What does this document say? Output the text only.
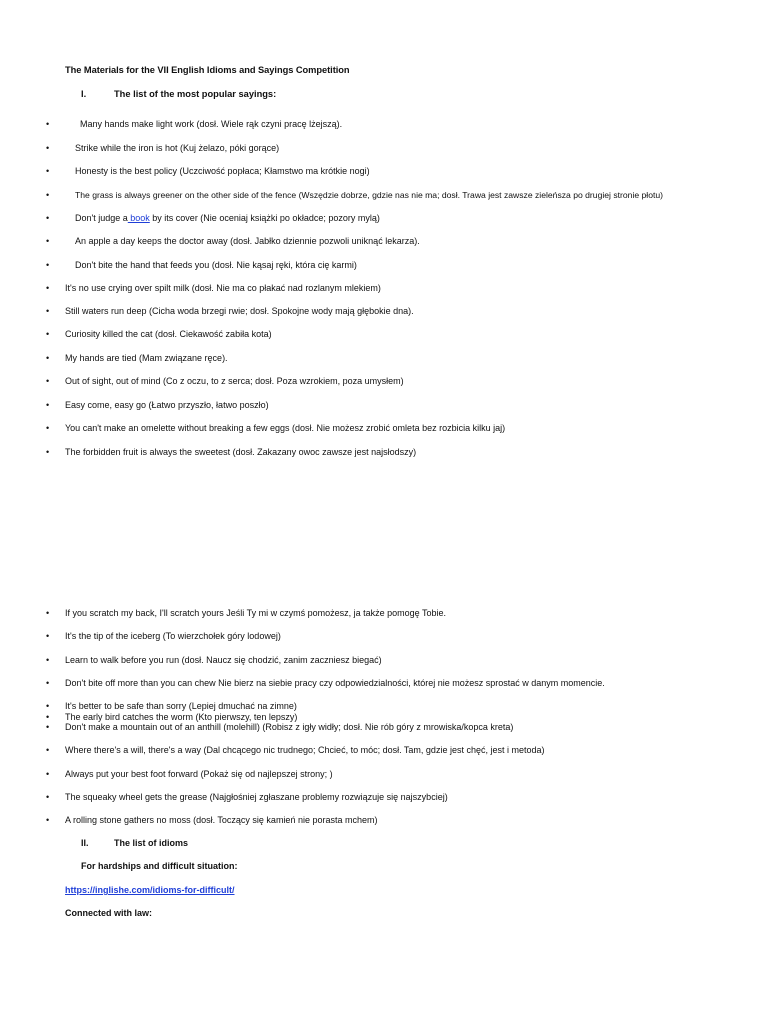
The Materials for the VII English Idioms and Sayings Competition
I.	The list of the most popular sayings:
•	Many hands make light work (dosł. Wiele rąk czyni pracę lżejszą).
•	Strike while the iron is hot (Kuj żelazo, póki gorące)
•	Honesty is the best policy (Uczciwość popłaca; Kłamstwo ma krótkie nogi)
•	The grass is always greener on the other side of the fence (Wszędzie dobrze, gdzie nas nie ma; dosł. Trawa jest zawsze zieleńsza po drugiej stronie płotu)
•	Don't judge a book by its cover (Nie oceniaj książki po okładce; pozory mylą)
•	An apple a day keeps the doctor away (dosł. Jabłko dziennie pozwoli uniknąć lekarza).
•	Don't bite the hand that feeds you (dosł. Nie kąsaj ręki, która cię karmi)
• It's no use crying over spilt milk (dosł. Nie ma co płakać nad rozlanym mlekiem)
• Still waters run deep (Cicha woda brzegi rwie; dosł. Spokojne wody mają głębokie dna).
• Curiosity killed the cat (dosł. Ciekawość zabiła kota)
• My hands are tied (Mam związane ręce).
• Out of sight, out of mind (Co z oczu, to z serca; dosł. Poza wzrokiem, poza umysłem)
• Easy come, easy go (Łatwo przyszło, łatwo poszło)
• You can't make an omelette without breaking a few eggs (dosł. Nie możesz zrobić omleta bez rozbicia kilku jaj)
• The forbidden fruit is always the sweetest (dosł. Zakazany owoc zawsze jest najsłodszy)
• If you scratch my back, I'll scratch yours Jeśli Ty mi w czymś pomożesz, ja także pomogę Tobie.
• It's the tip of the iceberg (To wierzchołek góry lodowej)
• Learn to walk before you run (dosł. Naucz się chodzić, zanim zaczniesz biegać)
• Don't bite off more than you can chew Nie bierz na siebie pracy czy odpowiedzialności, której nie możesz sprostać w danym momencie.
• It's better to be safe than sorry (Lepiej dmuchać na zimne)
• The early bird catches the worm (Kto pierwszy, ten lepszy)
• Don't make a mountain out of an anthill (molehill) (Robisz z igły widły; dosł. Nie rób góry z mrowiska/kopca kreta)
• Where there's a will, there's a way (Dal chcącego nic trudnego; Chcieć, to móc; dosł. Tam, gdzie jest chęć, jest i metoda)
• Always put your best foot forward (Pokaż się od najlepszej strony; )
• The squeaky wheel gets the grease (Najgłośniej zgłaszane problemy rozwiązuje się najszybciej)
• A rolling stone gathers no moss (dosł. Toczący się kamień nie porasta mchem)
II.	The list of idioms
For hardships and difficult situation:
https://inglishe.com/idioms-for-difficult/
Connected with law:
